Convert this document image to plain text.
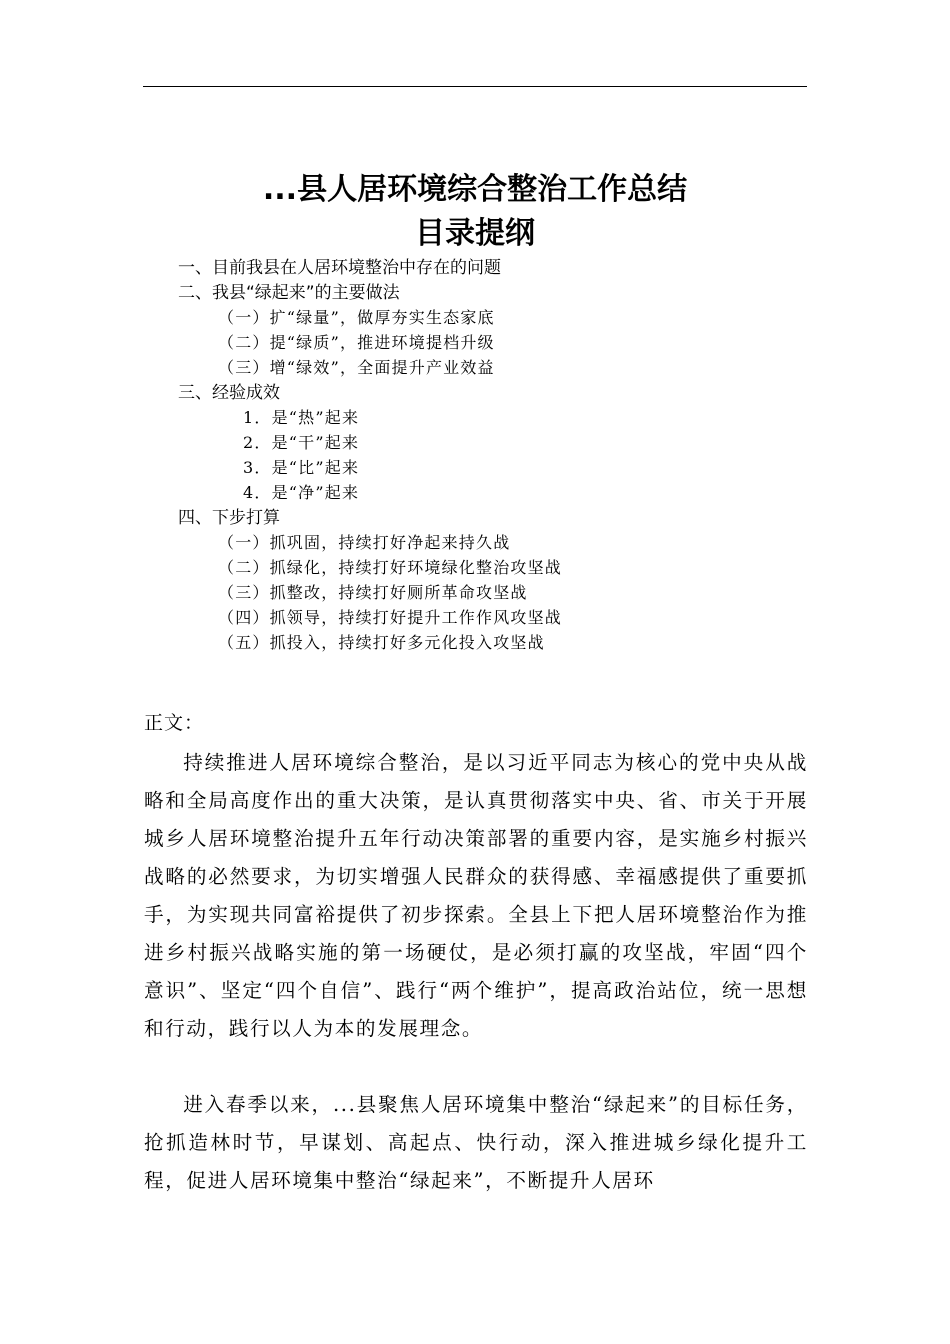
...县人居环境综合整治工作总结
目录提纲
一、目前我县在人居环境整治中存在的问题
二、我县“绿起来”的主要做法
（一）扩“绿量”，做厚夯实生态家底
（二）提“绿质”，推进环境提档升级
（三）增“绿效”，全面提升产业效益
三、经验成效
1．是“热”起来
2．是“干”起来
3．是“比”起来
4．是“净”起来
四、下步打算
（一）抓巩固，持续打好净起来持久战
（二）抓绿化，持续打好环境绿化整治攻坚战
（三）抓整改，持续打好厕所革命攻坚战
（四）抓领导，持续打好提升工作作风攻坚战
（五）抓投入，持续打好多元化投入攻坚战
正文：

持续推进人居环境综合整治，是以习近平同志为核心的党中央从战略和全局高度作出的重大决策，是认真贯彻落实中央、省、市关于开展城乡人居环境整治提升五年行动决策部署的重要内容，是实施乡村振兴战略的必然要求，为切实增强人民群众的获得感、幸福感提供了重要抓手，为实现共同富裕提供了初步探索。全县上下把人居环境整治作为推进乡村振兴战略实施的第一场硬仗，是必须打赢的攻坚战，牢固“四个意识”、坚定“四个自信”、践行“两个维护”，提高政治站位，统一思想和行动，践行以人为本的发展理念。

进入春季以来，...县聚焦人居环境集中整治“绿起来”的目标任务，抢抓造林时节，早谋划、高起点、快行动，深入推进城乡绿化提升工程，促进人居环境集中整治“绿起来”，不断提升人居环
